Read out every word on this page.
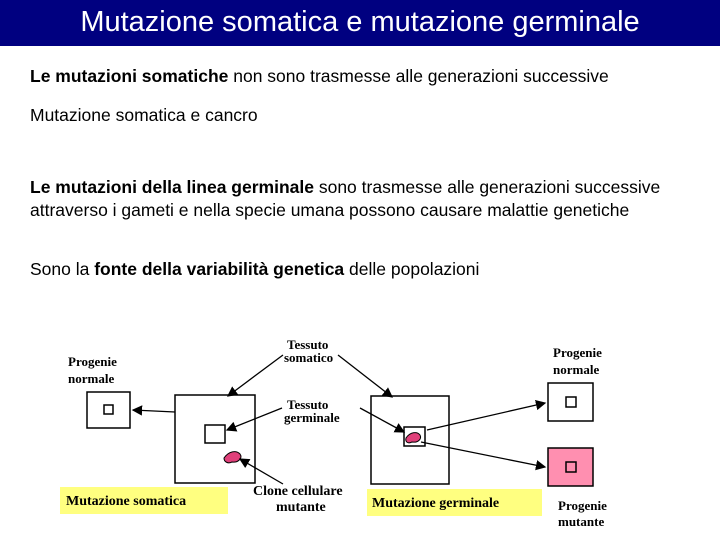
Mutazione somatica e mutazione germinale
Le mutazioni somatiche non sono trasmesse alle generazioni successive
Mutazione somatica e cancro
Le mutazioni della linea germinale sono trasmesse alle generazioni successive attraverso i gameti e nella specie umana possono causare malattie genetiche
Sono la fonte della variabilità genetica delle popolazioni
Progenie
normale
Tessuto
somatico
Tessuto
germinale
Progenie
normale
Clone cellulare
mutante
Mutazione somatica	Mutazione germinale	Progenie
mutante
